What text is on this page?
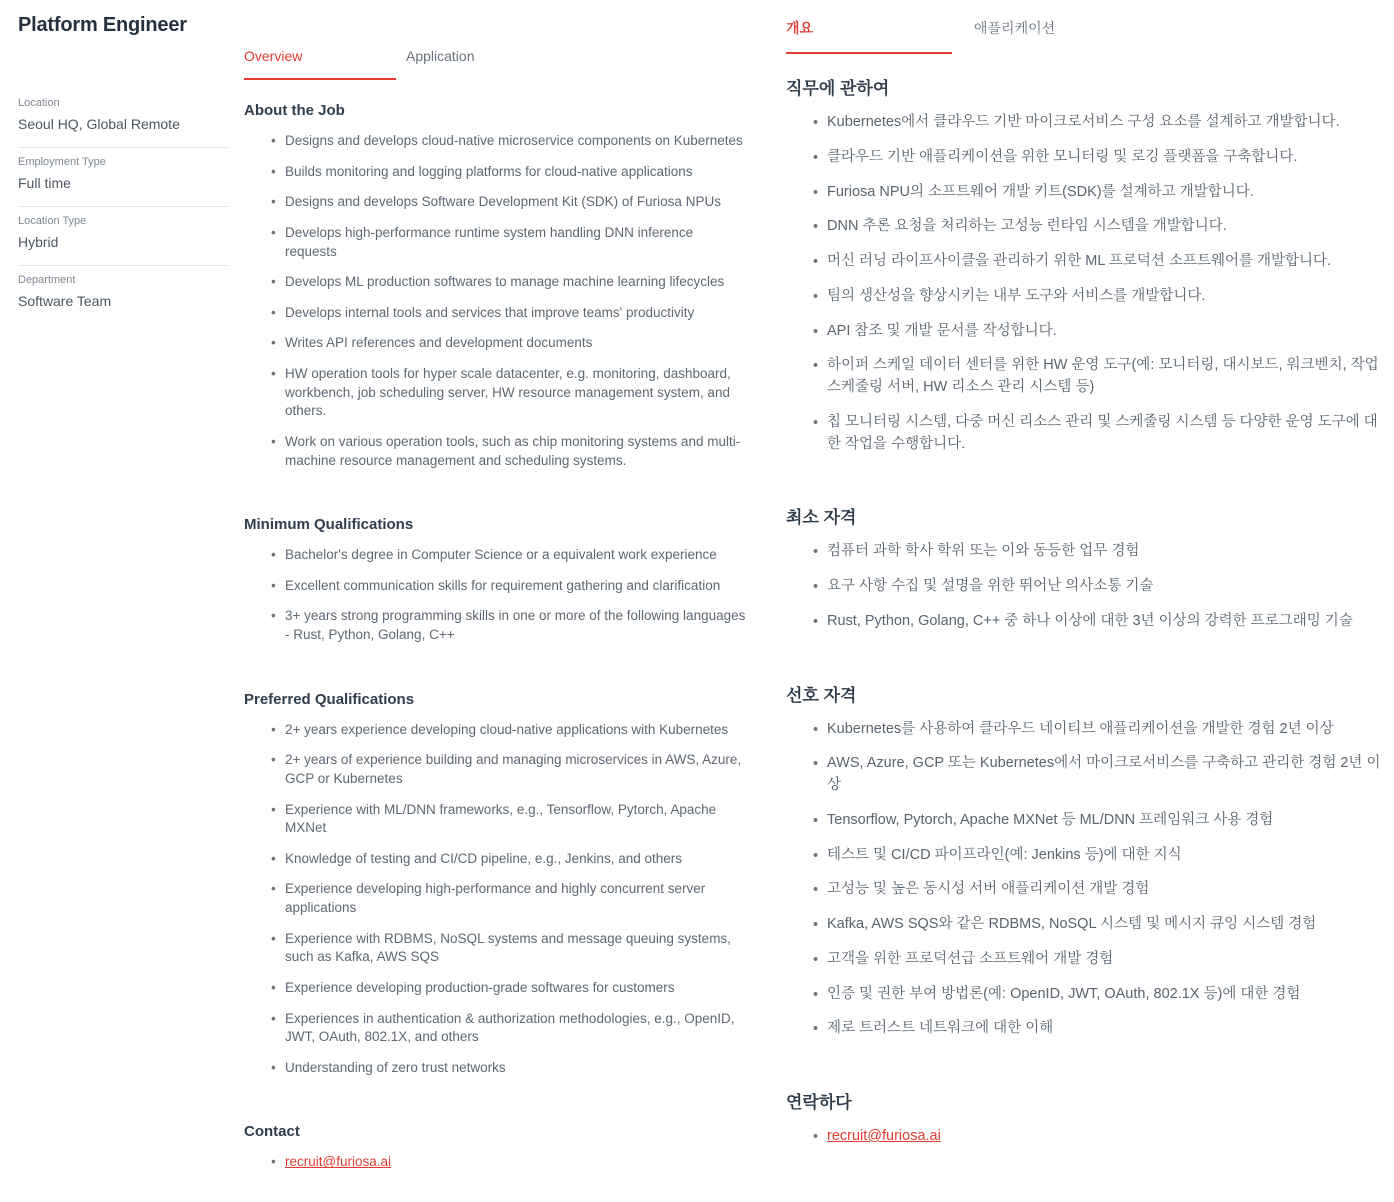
Platform Engineer
Location
Seoul HQ, Global Remote
Employment Type
Full time
Location Type
Hybrid
Department
Software Team
Overview	Application
About the Job
• Designs and develops cloud-native microservice components on Kubernetes
• Builds monitoring and logging platforms for cloud-native applications
• Designs and develops Software Development Kit (SDK) of Furiosa NPUs
• Develops high-performance runtime system handling DNN inference requests
• Develops ML production softwares to manage machine learning lifecycles
• Develops internal tools and services that improve teams' productivity
• Writes API references and development documents
• HW operation tools for hyper scale datacenter, e.g. monitoring, dashboard, workbench, job scheduling server, HW resource management system, and others.
• Work on various operation tools, such as chip monitoring systems and multi-machine resource management and scheduling systems.
Minimum Qualifications
• Bachelor's degree in Computer Science or a equivalent work experience
• Excellent communication skills for requirement gathering and clarification
• 3+ years strong programming skills in one or more of the following languages - Rust, Python, Golang, C++
Preferred Qualifications
• 2+ years experience developing cloud-native applications with Kubernetes
• 2+ years of experience building and managing microservices in AWS, Azure, GCP or Kubernetes
• Experience with ML/DNN frameworks, e.g., Tensorflow, Pytorch, Apache MXNet
• Knowledge of testing and CI/CD pipeline, e.g., Jenkins, and others
• Experience developing high-performance and highly concurrent server applications
• Experience with RDBMS, NoSQL systems and message queuing systems, such as Kafka, AWS SQS
• Experience developing production-grade softwares for customers
• Experiences in authentication & authorization methodologies, e.g., OpenID, JWT, OAuth, 802.1X, and others
• Understanding of zero trust networks
Contact
• recruit@furiosa.ai
개요	애플리케이션
직무에 관하여
• Kubernetes에서 클라우드 기반 마이크로서비스 구성 요소를 설계하고 개발합니다.
• 클라우드 기반 애플리케이션을 위한 모니터링 및 로깅 플랫폼을 구축합니다.
• Furiosa NPU의 소프트웨어 개발 키트(SDK)를 설계하고 개발합니다.
• DNN 추론 요청을 처리하는 고성능 런타임 시스템을 개발합니다.
• 머신 러닝 라이프사이클을 관리하기 위한 ML 프로덕션 소프트웨어를 개발합니다.
• 팀의 생산성을 향상시키는 내부 도구와 서비스를 개발합니다.
• API 참조 및 개발 문서를 작성합니다.
• 하이퍼 스케일 데이터 센터를 위한 HW 운영 도구(예: 모니터링, 대시보드, 워크벤치, 작업 스케줄링 서버, HW 리소스 관리 시스템 등)
• 칩 모니터링 시스템, 다중 머신 리소스 관리 및 스케줄링 시스템 등 다양한 운영 도구에 대한 작업을 수행합니다.
최소 자격
• 컴퓨터 과학 학사 학위 또는 이와 동등한 업무 경험
• 요구 사항 수집 및 설명을 위한 뛰어난 의사소통 기술
• Rust, Python, Golang, C++ 중 하나 이상에 대한 3년 이상의 강력한 프로그래밍 기술
선호 자격
• Kubernetes를 사용하여 클라우드 네이티브 애플리케이션을 개발한 경험 2년 이상
• AWS, Azure, GCP 또는 Kubernetes에서 마이크로서비스를 구축하고 관리한 경험 2년 이상
• Tensorflow, Pytorch, Apache MXNet 등 ML/DNN 프레임워크 사용 경험
• 테스트 및 CI/CD 파이프라인(예: Jenkins 등)에 대한 지식
• 고성능 및 높은 동시성 서버 애플리케이션 개발 경험
• Kafka, AWS SQS와 같은 RDBMS, NoSQL 시스템 및 메시지 큐잉 시스템 경험
• 고객을 위한 프로덕션급 소프트웨어 개발 경험
• 인증 및 권한 부여 방법론(예: OpenID, JWT, OAuth, 802.1X 등)에 대한 경험
• 제로 트러스트 네트워크에 대한 이해
연락하다
• recruit@furiosa.ai
